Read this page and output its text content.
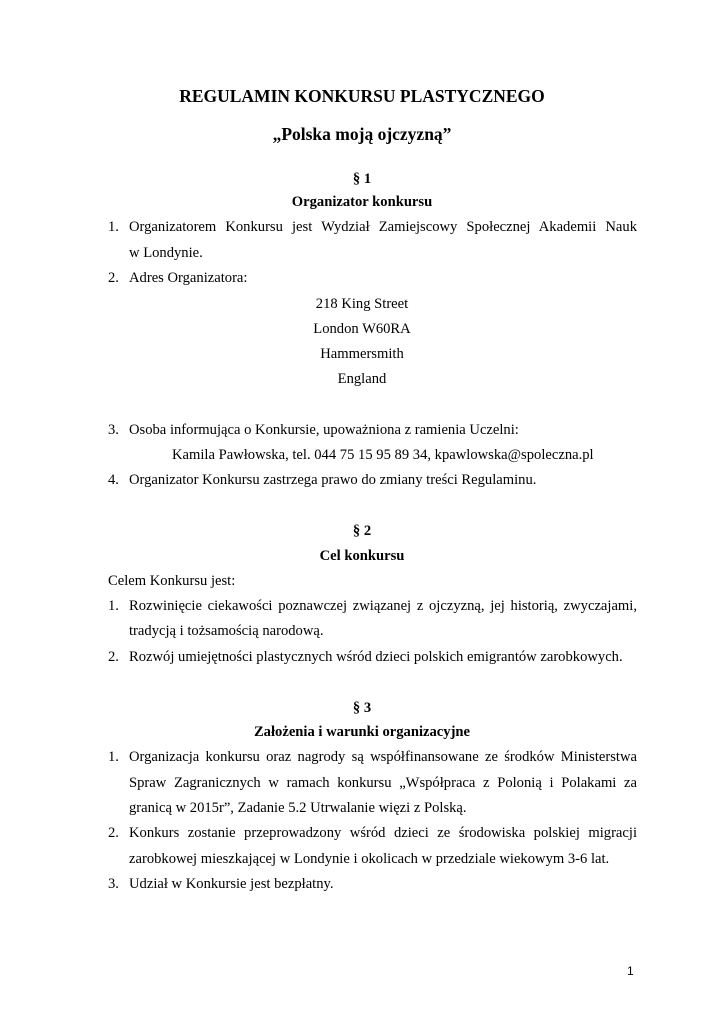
REGULAMIN KONKURSU PLASTYCZNEGO
„Polska moją ojczyzną”
§ 1
Organizator konkursu
1. Organizatorem Konkursu jest Wydział Zamiejscowy Społecznej Akademii Nauk
w Londynie.
2. Adres Organizatora:
218 King Street
London W60RA
Hammersmith
England
3. Osoba informująca o Konkursie, upoważniona z ramienia Uczelni:
Kamila Pawłowska, tel. 044 75 15 95 89 34, kpawlowska@spoleczna.pl
4. Organizator Konkursu zastrzega prawo do zmiany treści Regulaminu.
§ 2
Cel konkursu
Celem Konkursu jest:
1. Rozwinięcie ciekawości poznawczej związanej z ojczyzną, jej historią, zwyczajami,
tradycją i tożsamością narodową.
2. Rozwój umiejętności plastycznych wśród dzieci polskich emigrantów zarobkowych.
§ 3
Założenia i warunki organizacyjne
1. Organizacja konkursu oraz nagrody są współfinansowane ze środków Ministerstwa
Spraw Zagranicznych w ramach konkursu „Współpraca z Polonią i Polakami za
granicą w 2015r”, Zadanie 5.2 Utrwalanie więzi z Polską.
2. Konkurs zostanie przeprowadzony wśród dzieci ze środowiska polskiej migracji
zarobkowej mieszkającej w Londynie i okolicach w przedziale wiekowym 3-6 lat.
3. Udział w Konkursie jest bezpłatny.
1
